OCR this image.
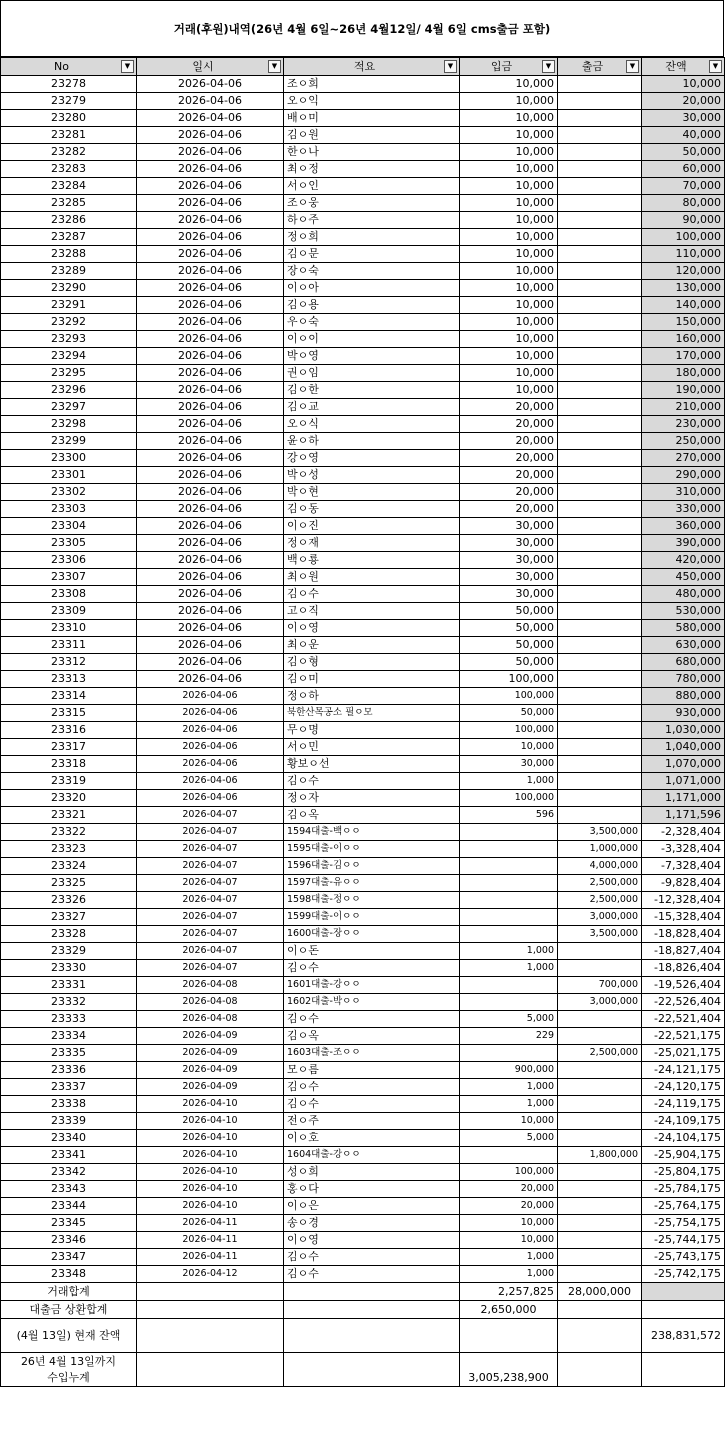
거래(후원)내역(26년 4월 6일~26년 4월12일/ 4월 6일 cms출금 포함)
No ▼	일시 ▼	적요 ▼	입금 ▼	출금 ▼	잔액 ▼

23278	2026-04-06	조ㅇ희	10,000		10,000
23279	2026-04-06	오ㅇ익	10,000		20,000
23280	2026-04-06	배ㅇ미	10,000		30,000
23281	2026-04-06	김ㅇ원	10,000		40,000
23282	2026-04-06	한ㅇ나	10,000		50,000
23283	2026-04-06	최ㅇ정	10,000		60,000
23284	2026-04-06	서ㅇ인	10,000		70,000
23285	2026-04-06	조ㅇ웅	10,000		80,000
23286	2026-04-06	하ㅇ주	10,000		90,000
23287	2026-04-06	정ㅇ희	10,000		100,000
23288	2026-04-06	김ㅇ문	10,000		110,000
23289	2026-04-06	장ㅇ숙	10,000		120,000
23290	2026-04-06	이ㅇ아	10,000		130,000
23291	2026-04-06	김ㅇ용	10,000		140,000
23292	2026-04-06	우ㅇ숙	10,000		150,000
23293	2026-04-06	이ㅇ이	10,000		160,000
23294	2026-04-06	박ㅇ영	10,000		170,000
23295	2026-04-06	권ㅇ임	10,000		180,000
23296	2026-04-06	김ㅇ한	10,000		190,000
23297	2026-04-06	김ㅇ교	20,000		210,000
23298	2026-04-06	오ㅇ식	20,000		230,000
23299	2026-04-06	윤ㅇ하	20,000		250,000
23300	2026-04-06	강ㅇ영	20,000		270,000
23301	2026-04-06	박ㅇ성	20,000		290,000
23302	2026-04-06	박ㅇ현	20,000		310,000
23303	2026-04-06	김ㅇ동	20,000		330,000
23304	2026-04-06	이ㅇ진	30,000		360,000
23305	2026-04-06	정ㅇ재	30,000		390,000
23306	2026-04-06	백ㅇ룡	30,000		420,000
23307	2026-04-06	최ㅇ원	30,000		450,000
23308	2026-04-06	김ㅇ수	30,000		480,000
23309	2026-04-06	고ㅇ직	50,000		530,000
23310	2026-04-06	이ㅇ영	50,000		580,000
23311	2026-04-06	최ㅇ운	50,000		630,000
23312	2026-04-06	김ㅇ형	50,000		680,000
23313	2026-04-06	김ㅇ미	100,000		780,000
23314	2026-04-06	정ㅇ하	100,000		880,000
23315	2026-04-06	북한산목공소 필ㅇ모	50,000		930,000
23316	2026-04-06	무ㅇ명	100,000		1,030,000
23317	2026-04-06	서ㅇ민	10,000		1,040,000
23318	2026-04-06	황보ㅇ선	30,000		1,070,000
23319	2026-04-06	김ㅇ수	1,000		1,071,000
23320	2026-04-06	정ㅇ자	100,000		1,171,000
23321	2026-04-07	김ㅇ옥	596		1,171,596
23322	2026-04-07	1594대출-백ㅇㅇ		3,500,000	-2,328,404
23323	2026-04-07	1595대출-이ㅇㅇ		1,000,000	-3,328,404
23324	2026-04-07	1596대출-김ㅇㅇ		4,000,000	-7,328,404
23325	2026-04-07	1597대출-유ㅇㅇ		2,500,000	-9,828,404
23326	2026-04-07	1598대출-정ㅇㅇ		2,500,000	-12,328,404
23327	2026-04-07	1599대출-이ㅇㅇ		3,000,000	-15,328,404
23328	2026-04-07	1600대출-장ㅇㅇ		3,500,000	-18,828,404
23329	2026-04-07	이ㅇ돈	1,000		-18,827,404
23330	2026-04-07	김ㅇ수	1,000		-18,826,404
23331	2026-04-08	1601대출-강ㅇㅇ		700,000	-19,526,404
23332	2026-04-08	1602대출-박ㅇㅇ		3,000,000	-22,526,404
23333	2026-04-08	김ㅇ수	5,000		-22,521,404
23334	2026-04-09	김ㅇ옥	229		-22,521,175
23335	2026-04-09	1603대출-조ㅇㅇ		2,500,000	-25,021,175
23336	2026-04-09	모ㅇ름	900,000		-24,121,175
23337	2026-04-09	김ㅇ수	1,000		-24,120,175
23338	2026-04-10	김ㅇ수	1,000		-24,119,175
23339	2026-04-10	전ㅇ주	10,000		-24,109,175
23340	2026-04-10	이ㅇ호	5,000		-24,104,175
23341	2026-04-10	1604대출-강ㅇㅇ		1,800,000	-25,904,175
23342	2026-04-10	성ㅇ희	100,000		-25,804,175
23343	2026-04-10	홍ㅇ다	20,000		-25,784,175
23344	2026-04-10	이ㅇ은	20,000		-25,764,175
23345	2026-04-11	송ㅇ경	10,000		-25,754,175
23346	2026-04-11	이ㅇ영	10,000		-25,744,175
23347	2026-04-11	김ㅇ수	1,000		-25,743,175
23348	2026-04-12	김ㅇ수	1,000		-25,742,175
거래합계			2,257,825	28,000,000	
대출금 상환합계			2,650,000		
(4월 13일) 현재 잔액					238,831,572

26년 4월 13일까지
수입누계			3,005,238,900		
